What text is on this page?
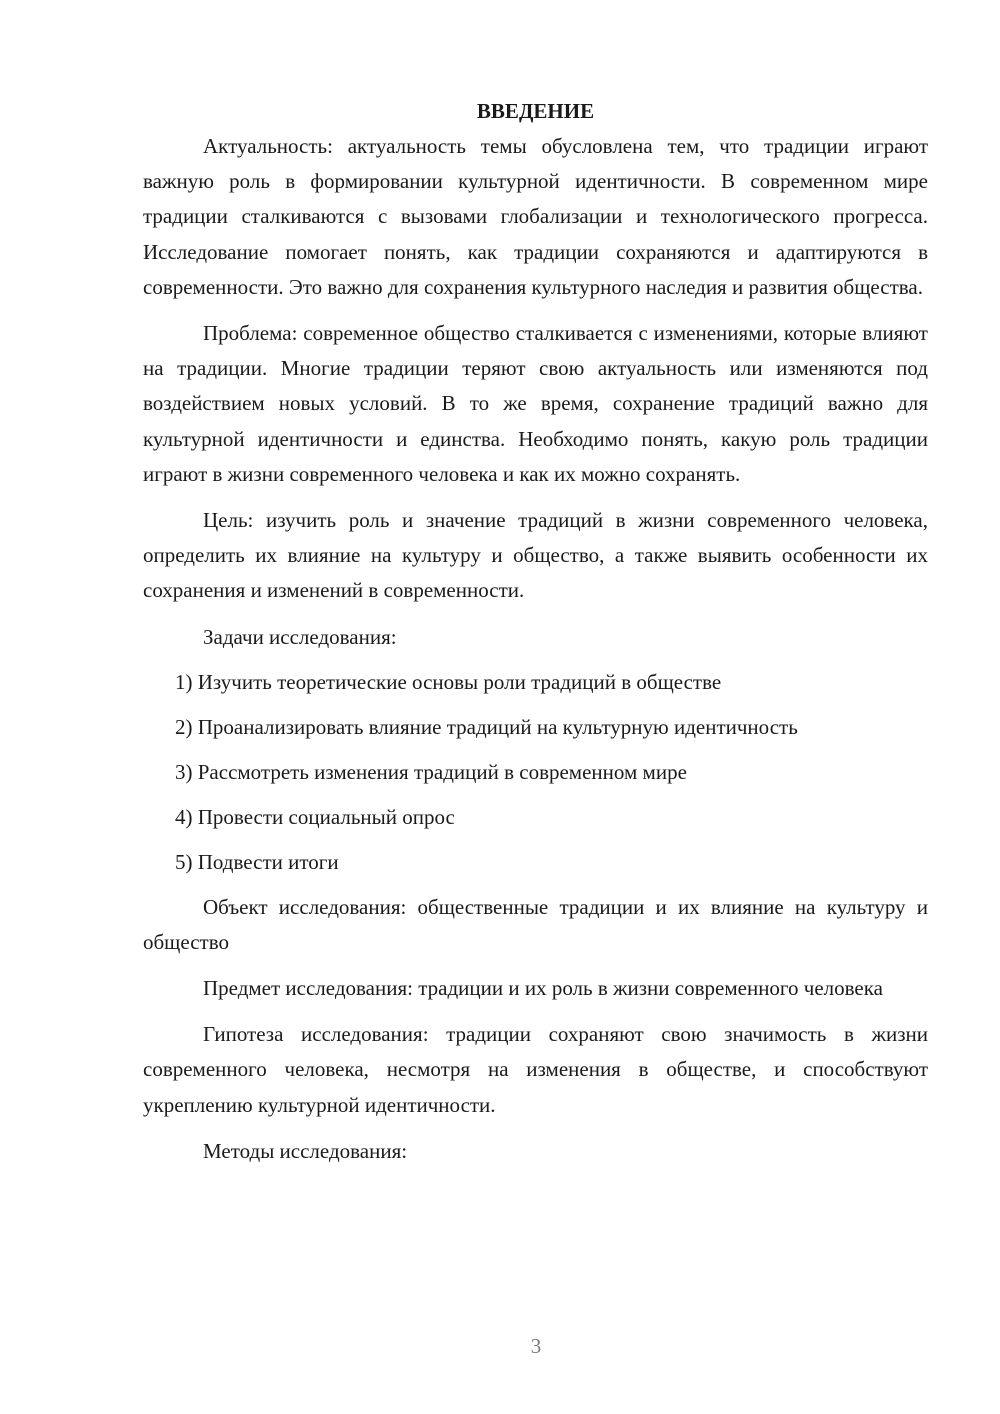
ВВЕДЕНИЕ

Актуальность: актуальность темы обусловлена тем, что традиции играют важную роль в формировании культурной идентичности. В современном мире традиции сталкиваются с вызовами глобализации и технологического прогресса. Исследование помогает понять, как традиции сохраняются и адаптируются в современности. Это важно для сохранения культурного наследия и развития общества.

Проблема: современное общество сталкивается с изменениями, которые влияют на традиции. Многие традиции теряют свою актуальность или изменяются под воздействием новых условий. В то же время, сохранение традиций важно для культурной идентичности и единства. Необходимо понять, какую роль традиции играют в жизни современного человека и как их можно сохранять.

Цель: изучить роль и значение традиций в жизни современного человека, определить их влияние на культуру и общество, а также выявить особенности их сохранения и изменений в современности.

Задачи исследования:

1) Изучить теоретические основы роли традиций в обществе
2) Проанализировать влияние традиций на культурную идентичность
3) Рассмотреть изменения традиций в современном мире
4) Провести социальный опрос
5) Подвести итоги

Объект исследования: общественные традиции и их влияние на культуру и общество

Предмет исследования: традиции и их роль в жизни современного человека

Гипотеза исследования: традиции сохраняют свою значимость в жизни современного человека, несмотря на изменения в обществе, и способствуют укреплению культурной идентичности.

Методы исследования:

3
